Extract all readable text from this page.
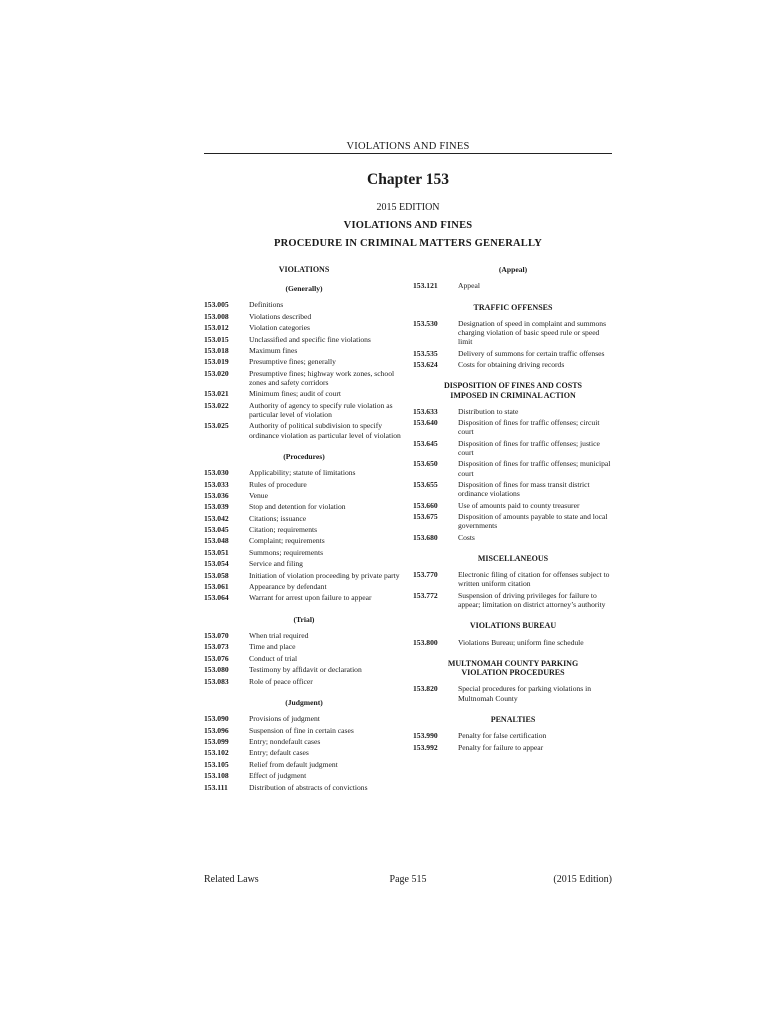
VIOLATIONS AND FINES
Chapter 153
2015 EDITION
VIOLATIONS AND FINES
PROCEDURE IN CRIMINAL MATTERS GENERALLY
VIOLATIONS
(Generally)
153.005	Definitions
153.008	Violations described
153.012	Violation categories
153.015	Unclassified and specific fine violations
153.018	Maximum fines
153.019	Presumptive fines; generally
153.020	Presumptive fines; highway work zones, school zones and safety corridors
153.021	Minimum fines; audit of court
153.022	Authority of agency to specify rule violation as particular level of violation
153.025	Authority of political subdivision to specify ordinance violation as particular level of violation
(Procedures)
153.030	Applicability; statute of limitations
153.033	Rules of procedure
153.036	Venue
153.039	Stop and detention for violation
153.042	Citations; issuance
153.045	Citation; requirements
153.048	Complaint; requirements
153.051	Summons; requirements
153.054	Service and filing
153.058	Initiation of violation proceeding by private party
153.061	Appearance by defendant
153.064	Warrant for arrest upon failure to appear
(Trial)
153.070	When trial required
153.073	Time and place
153.076	Conduct of trial
153.080	Testimony by affidavit or declaration
153.083	Role of peace officer
(Judgment)
153.090	Provisions of judgment
153.096	Suspension of fine in certain cases
153.099	Entry; nondefault cases
153.102	Entry; default cases
153.105	Relief from default judgment
153.108	Effect of judgment
153.111	Distribution of abstracts of convictions
(Appeal)
153.121	Appeal
TRAFFIC OFFENSES
153.530	Designation of speed in complaint and summons charging violation of basic speed rule or speed limit
153.535	Delivery of summons for certain traffic offenses
153.624	Costs for obtaining driving records
DISPOSITION OF FINES AND COSTS
IMPOSED IN CRIMINAL ACTION
153.633	Distribution to state
153.640	Disposition of fines for traffic offenses; circuit court
153.645	Disposition of fines for traffic offenses; justice court
153.650	Disposition of fines for traffic offenses; municipal court
153.655	Disposition of fines for mass transit district ordinance violations
153.660	Use of amounts paid to county treasurer
153.675	Disposition of amounts payable to state and local governments
153.680	Costs
MISCELLANEOUS
153.770	Electronic filing of citation for offenses subject to written uniform citation
153.772	Suspension of driving privileges for failure to appear; limitation on district attorney’s authority
VIOLATIONS BUREAU
153.800	Violations Bureau; uniform fine schedule
MULTNOMAH COUNTY PARKING
VIOLATION PROCEDURES
153.820	Special procedures for parking violations in Multnomah County
PENALTIES
153.990	Penalty for false certification
153.992	Penalty for failure to appear
Related Laws	Page 515	(2015 Edition)
